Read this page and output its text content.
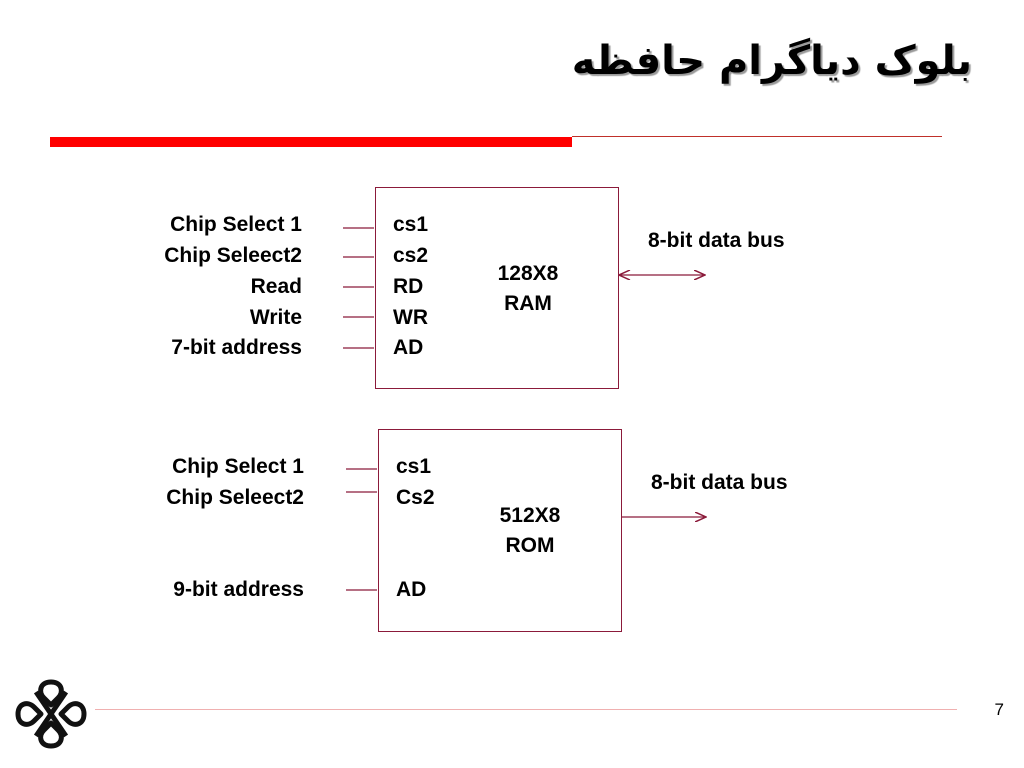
بلوک دیاگرام حافظه
Chip Select 1
Chip Seleect2
Read
Write
7-bit address
cs1
cs2
RD
WR
AD
128X8
RAM
8-bit data bus
Chip Select 1
Chip Seleect2
9-bit address
cs1
Cs2
AD
512X8
ROM
8-bit data bus
7
